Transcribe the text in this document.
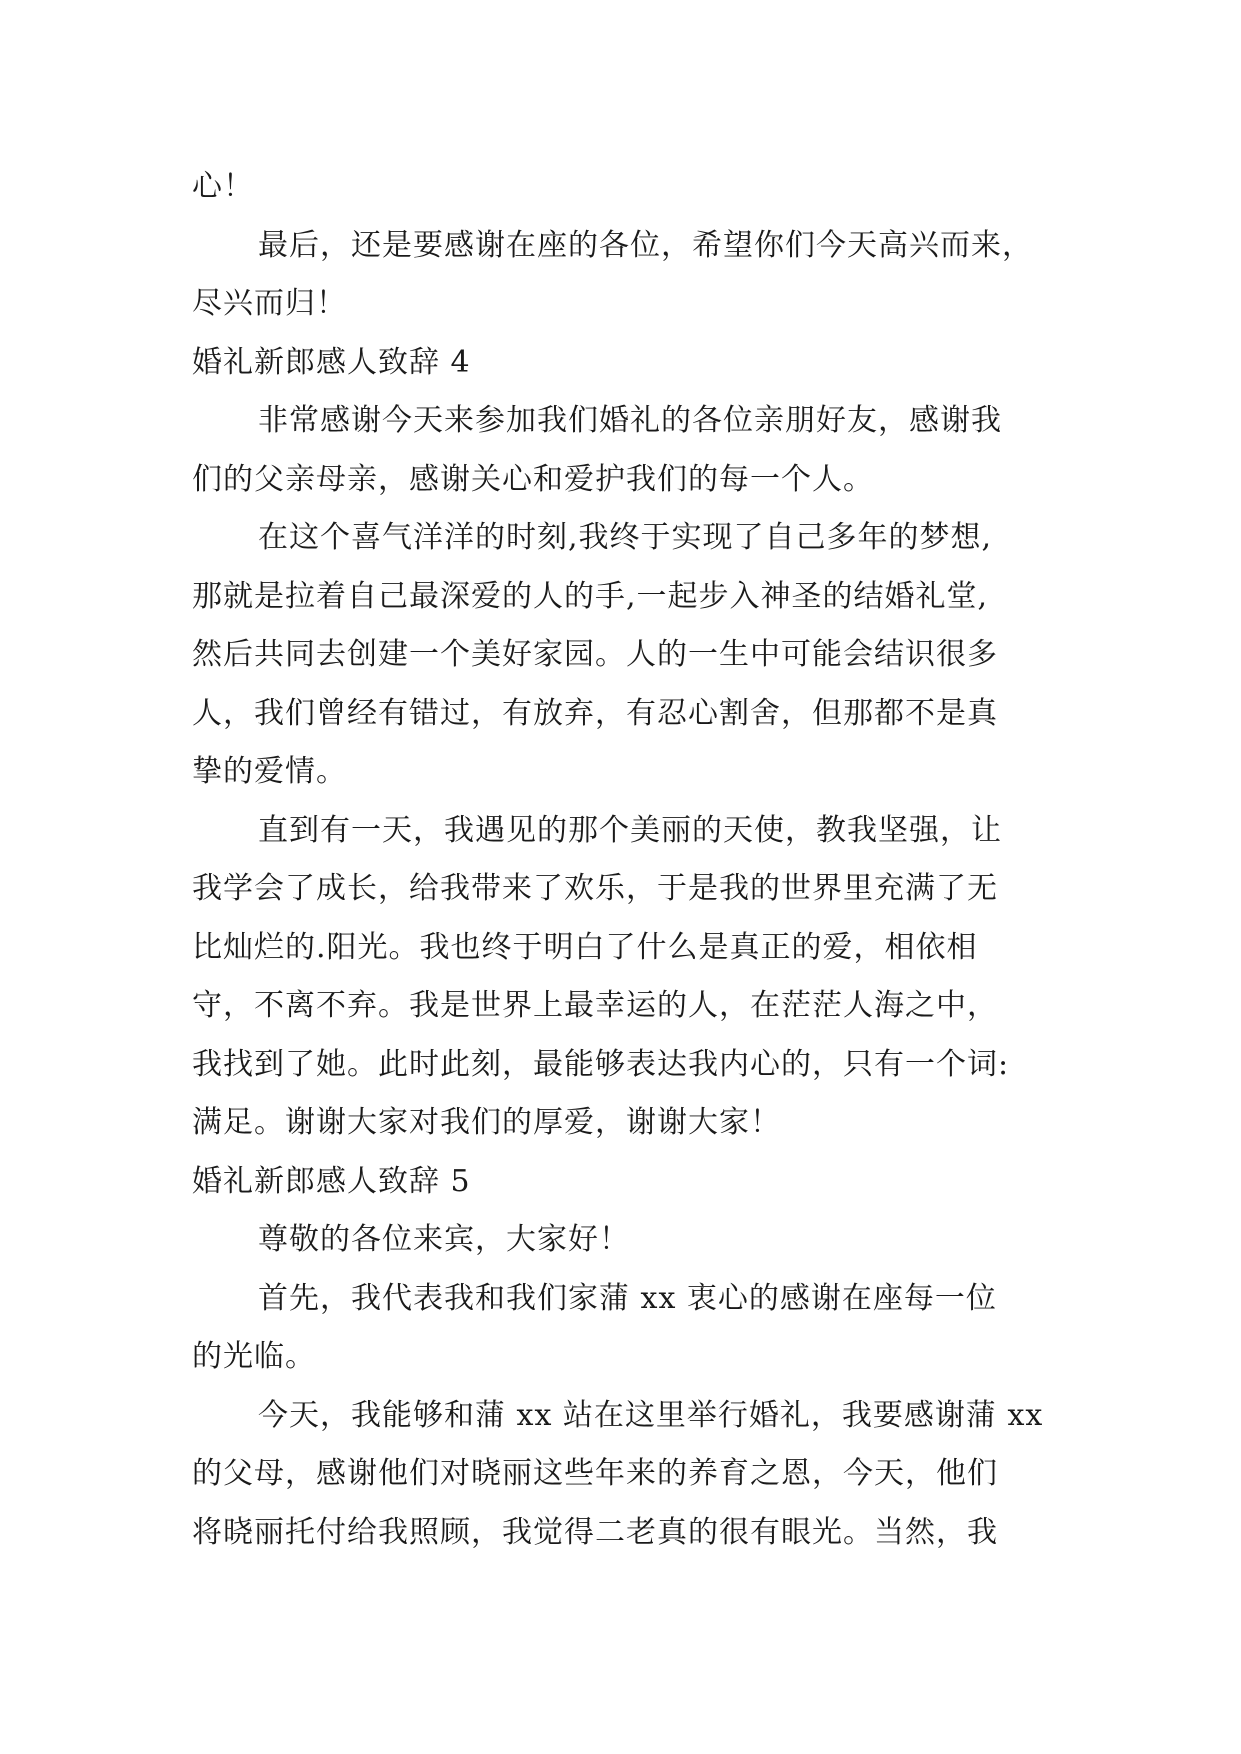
心！
最后，还是要感谢在座的各位，希望你们今天高兴而来，
尽兴而归！
婚礼新郎感人致辞 4
非常感谢今天来参加我们婚礼的各位亲朋好友，感谢我
们的父亲母亲，感谢关心和爱护我们的每一个人。
在这个喜气洋洋的时刻,我终于实现了自己多年的梦想,
那就是拉着自己最深爱的人的手,一起步入神圣的结婚礼堂,
然后共同去创建一个美好家园。人的一生中可能会结识很多
人，我们曾经有错过，有放弃，有忍心割舍，但那都不是真
挚的爱情。
直到有一天，我遇见的那个美丽的天使，教我坚强，让
我学会了成长，给我带来了欢乐，于是我的世界里充满了无
比灿烂的.阳光。我也终于明白了什么是真正的爱，相依相
守，不离不弃。我是世界上最幸运的人，在茫茫人海之中，
我找到了她。此时此刻，最能够表达我内心的，只有一个词:
满足。谢谢大家对我们的厚爱，谢谢大家！
婚礼新郎感人致辞 5
尊敬的各位来宾，大家好！
首先，我代表我和我们家蒲 xx 衷心的感谢在座每一位
的光临。
今天，我能够和蒲 xx 站在这里举行婚礼，我要感谢蒲 xx
的父母，感谢他们对晓丽这些年来的养育之恩，今天，他们
将晓丽托付给我照顾，我觉得二老真的很有眼光。当然，我
